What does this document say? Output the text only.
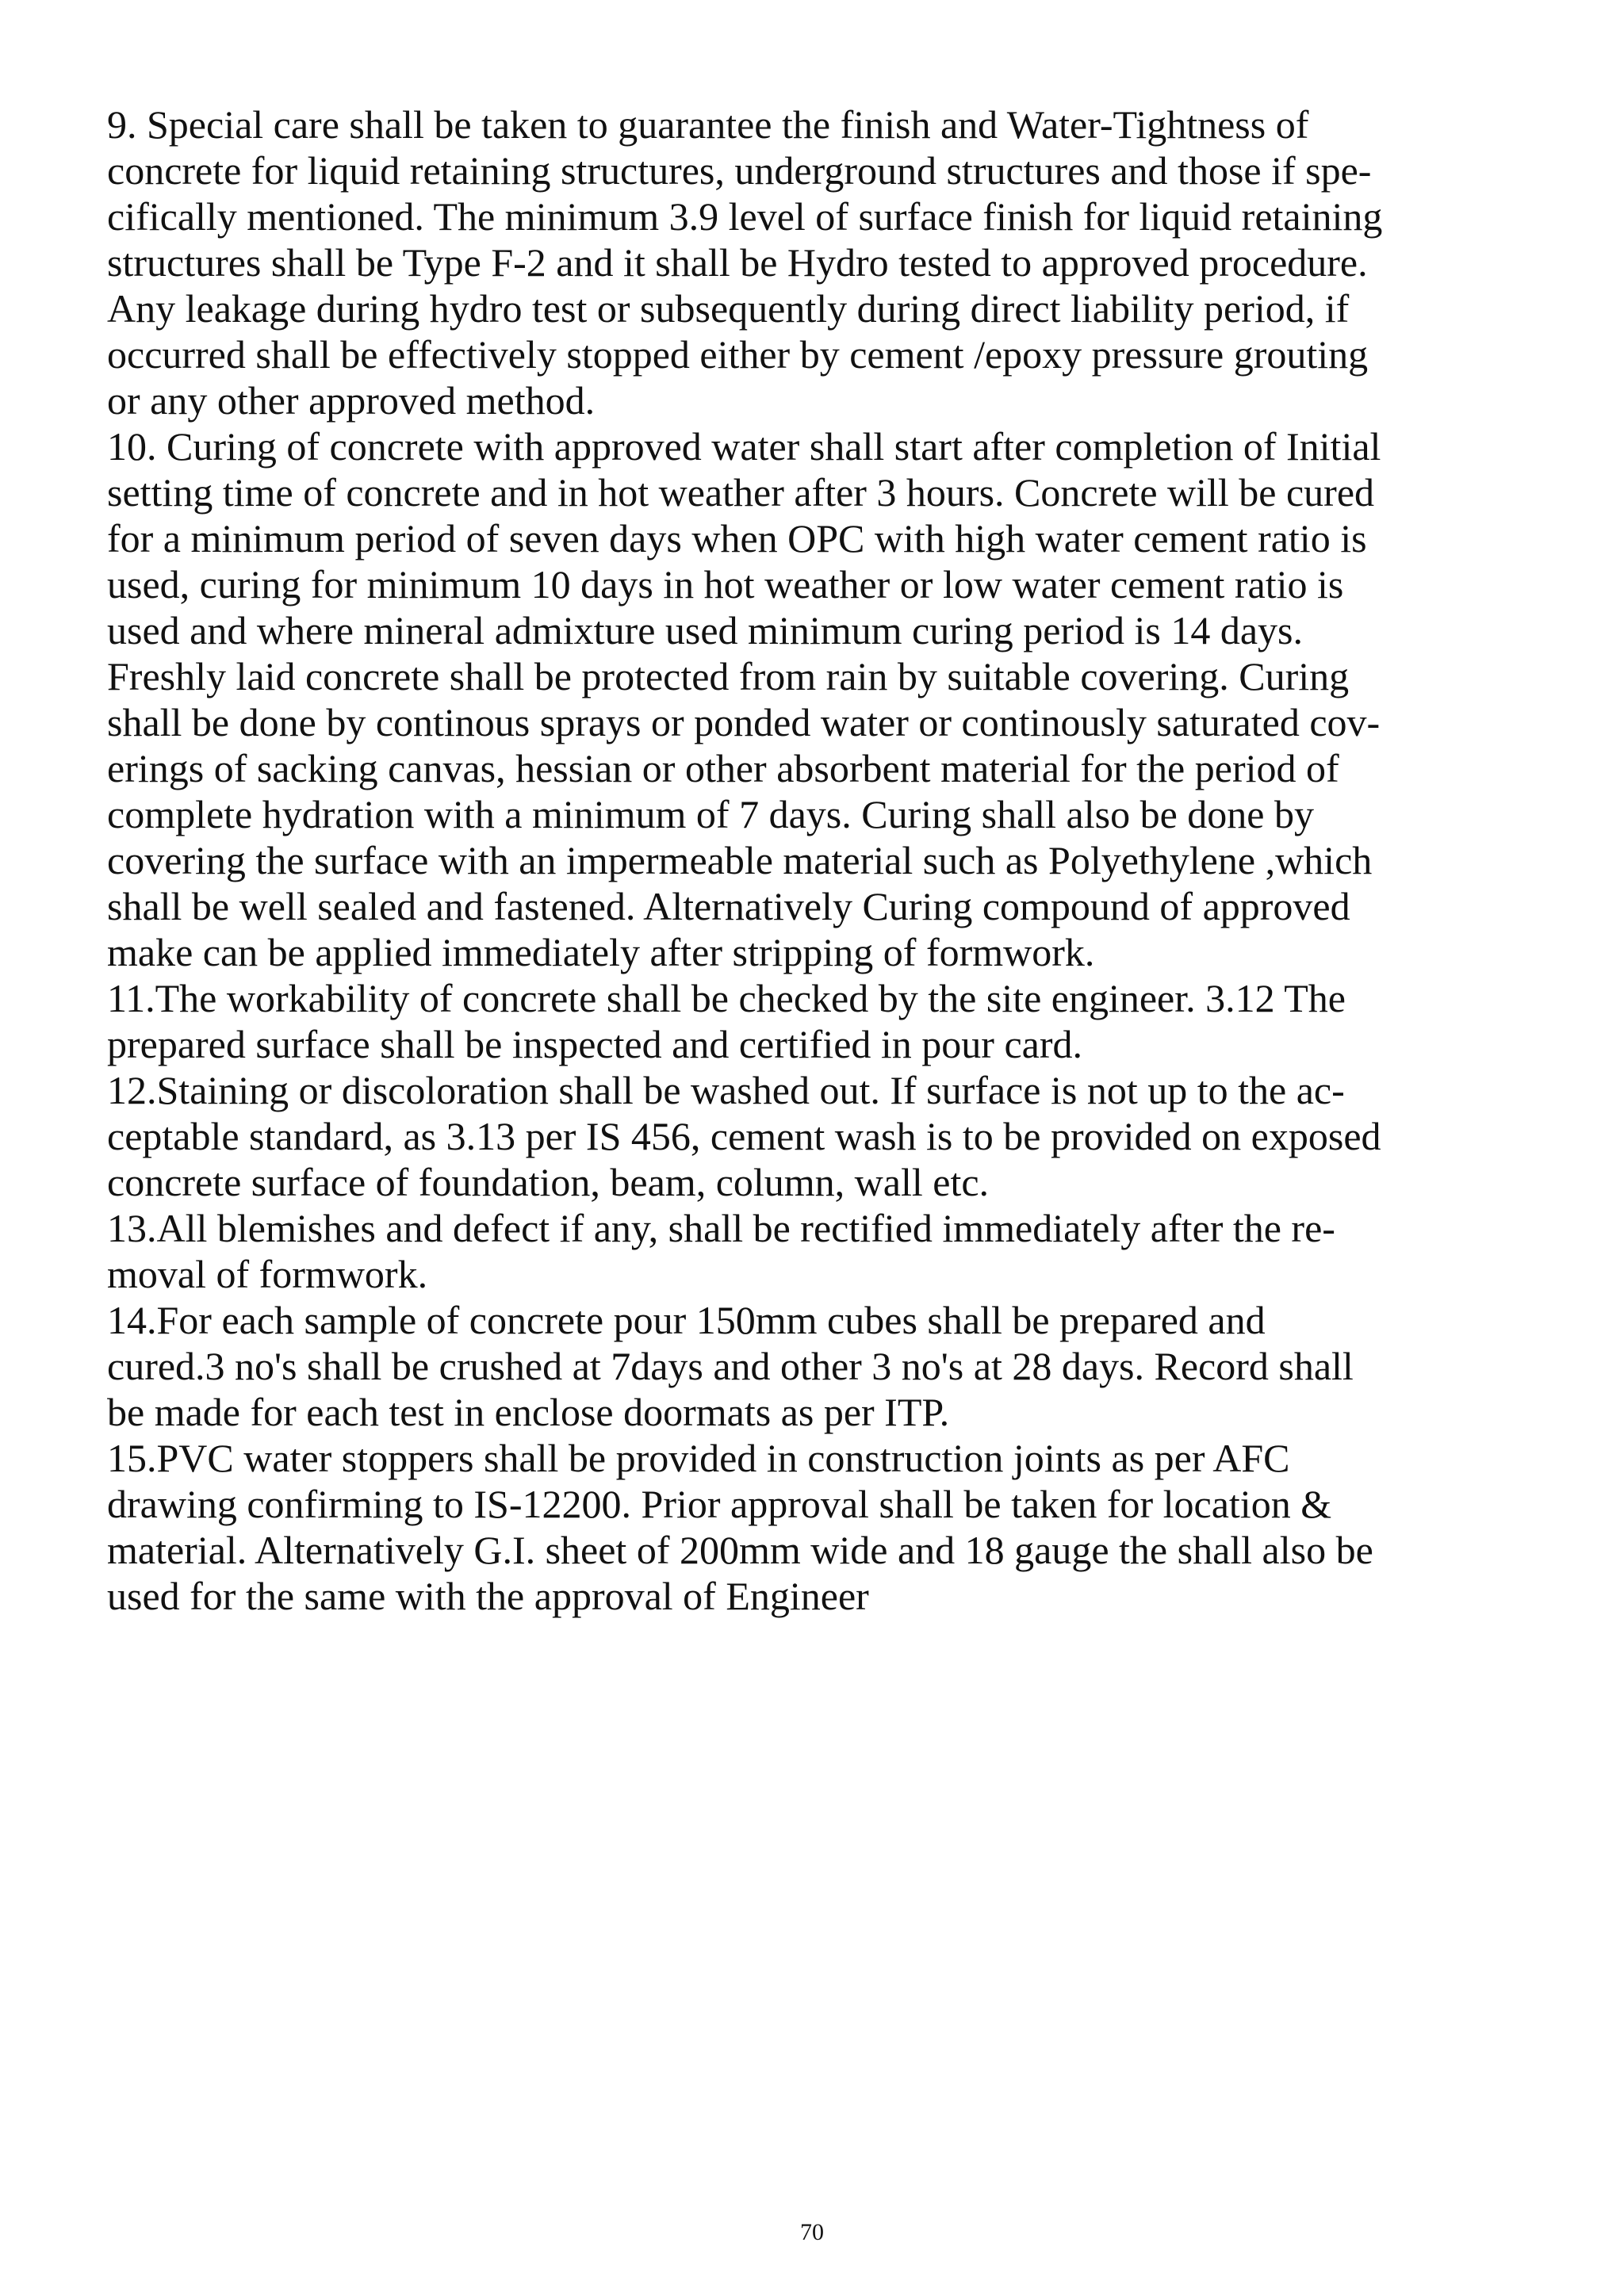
9. Special care shall be taken to guarantee the finish and Water-Tightness of
concrete for liquid retaining structures, underground structures and those if spe-
cifically mentioned. The minimum 3.9 level of surface finish for liquid retaining
structures shall be Type F-2 and it shall be Hydro tested to approved procedure.
Any leakage during hydro test or subsequently during direct liability period, if
occurred shall be effectively stopped either by cement /epoxy pressure grouting
or any other approved method.
10. Curing of concrete with approved water shall start after completion of Initial
setting time of concrete and in hot weather after 3 hours. Concrete will be cured
for a minimum period of seven days when OPC with high water cement ratio is
used, curing for minimum 10 days in hot weather or low water cement ratio is
used and where mineral admixture used minimum curing period is 14 days.
Freshly laid concrete shall be protected from rain by suitable covering. Curing
shall be done by continous sprays or ponded water or continously saturated cov-
erings of sacking canvas, hessian or other absorbent material for the period of
complete hydration with a minimum of 7 days. Curing shall also be done by
covering the surface with an impermeable material such as Polyethylene ,which
shall be well sealed and fastened. Alternatively Curing compound of approved
make can be applied immediately after stripping of formwork.
11.The workability of concrete shall be checked by the site engineer. 3.12 The
prepared surface shall be inspected and certified in pour card.
12.Staining or discoloration shall be washed out. If surface is not up to the ac-
ceptable standard, as 3.13 per IS 456, cement wash is to be provided on exposed
concrete surface of foundation, beam, column, wall etc.
13.All blemishes and defect if any, shall be rectified immediately after the re-
moval of formwork.
14.For each sample of concrete pour 150mm cubes shall be prepared and
cured.3 no's shall be crushed at 7days and other 3 no's at 28 days. Record shall
be made for each test in enclose doormats as per ITP.
15.PVC water stoppers shall be provided in construction joints as per AFC
drawing confirming to IS-12200. Prior approval shall be taken for location &
material. Alternatively G.I. sheet of 200mm wide and 18 gauge the shall also be
used for the same with the approval of Engineer
70
